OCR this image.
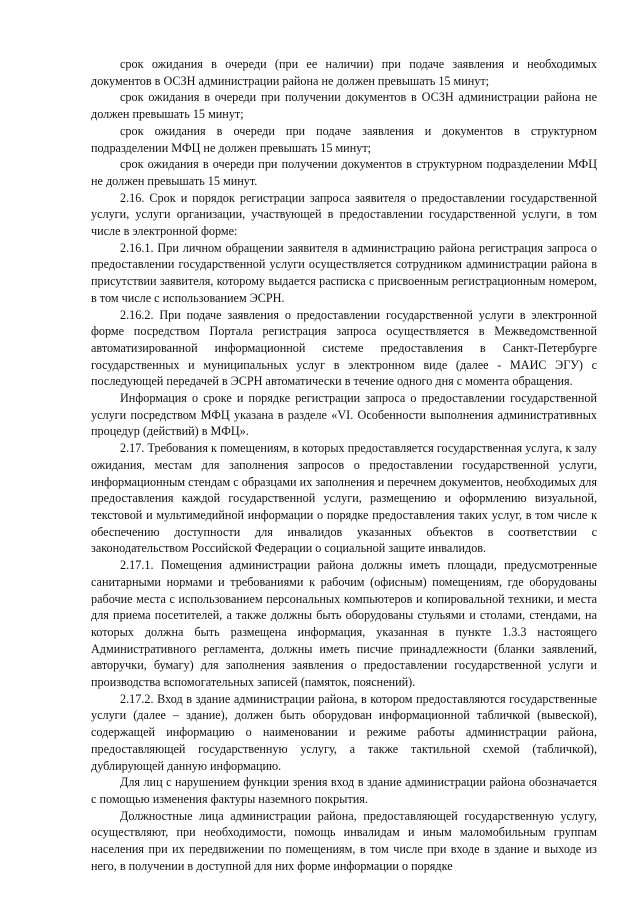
срок ожидания в очереди (при ее наличии) при подаче заявления и необходимых документов в ОСЗН администрации района не должен превышать 15 минут;

срок ожидания в очереди при получении документов в ОСЗН администрации района не должен превышать 15 минут;

срок ожидания в очереди при подаче заявления и документов в структурном подразделении МФЦ не должен превышать 15 минут;

срок ожидания в очереди при получении документов в структурном подразделении МФЦ не должен превышать 15 минут.

2.16. Срок и порядок регистрации запроса заявителя о предоставлении государственной услуги, услуги организации, участвующей в предоставлении государственной услуги, в том числе в электронной форме:

2.16.1. При личном обращении заявителя в администрацию района регистрация запроса о предоставлении государственной услуги осуществляется сотрудником администрации района в присутствии заявителя, которому выдается расписка с присвоенным регистрационным номером, в том числе с использованием ЭСРН.

2.16.2. При подаче заявления о предоставлении государственной услуги в электронной форме посредством Портала регистрация запроса осуществляется в Межведомственной автоматизированной информационной системе предоставления в Санкт-Петербурге государственных и муниципальных услуг в электронном виде (далее - МАИС ЭГУ) с последующей передачей в ЭСРН автоматически в течение одного дня с момента обращения.

Информация о сроке и порядке регистрации запроса о предоставлении государственной услуги посредством МФЦ указана в разделе «VI. Особенности выполнения административных процедур (действий) в МФЦ».

2.17. Требования к помещениям, в которых предоставляется государственная услуга, к залу ожидания, местам для заполнения запросов о предоставлении государственной услуги, информационным стендам с образцами их заполнения и перечнем документов, необходимых для предоставления каждой государственной услуги, размещению и оформлению визуальной, текстовой и мультимедийной информации о порядке предоставления таких услуг, в том числе к обеспечению доступности для инвалидов указанных объектов в соответствии с законодательством Российской Федерации о социальной защите инвалидов.

2.17.1. Помещения администрации района должны иметь площади, предусмотренные санитарными нормами и требованиями к рабочим (офисным) помещениям, где оборудованы рабочие места с использованием персональных компьютеров и копировальной техники, и места для приема посетителей, а также должны быть оборудованы стульями и столами, стендами, на которых должна быть размещена информация, указанная в пункте 1.3.3 настоящего Административного регламента, должны иметь писчие принадлежности (бланки заявлений, авторучки, бумагу) для заполнения заявления о предоставлении государственной услуги и производства вспомогательных записей (памяток, пояснений).

2.17.2. Вход в здание администрации района, в котором предоставляются государственные услуги (далее – здание), должен быть оборудован информационной табличкой (вывеской), содержащей информацию о наименовании и режиме работы администрации района, предоставляющей государственную услугу, а также тактильной схемой (табличкой), дублирующей данную информацию.

Для лиц с нарушением функции зрения вход в здание администрации района обозначается с помощью изменения фактуры наземного покрытия.

Должностные лица администрации района, предоставляющей государственную услугу, осуществляют, при необходимости, помощь инвалидам и иным маломобильным группам населения при их передвижении по помещениям, в том числе при входе в здание и выходе из него, в получении в доступной для них форме информации о порядке
